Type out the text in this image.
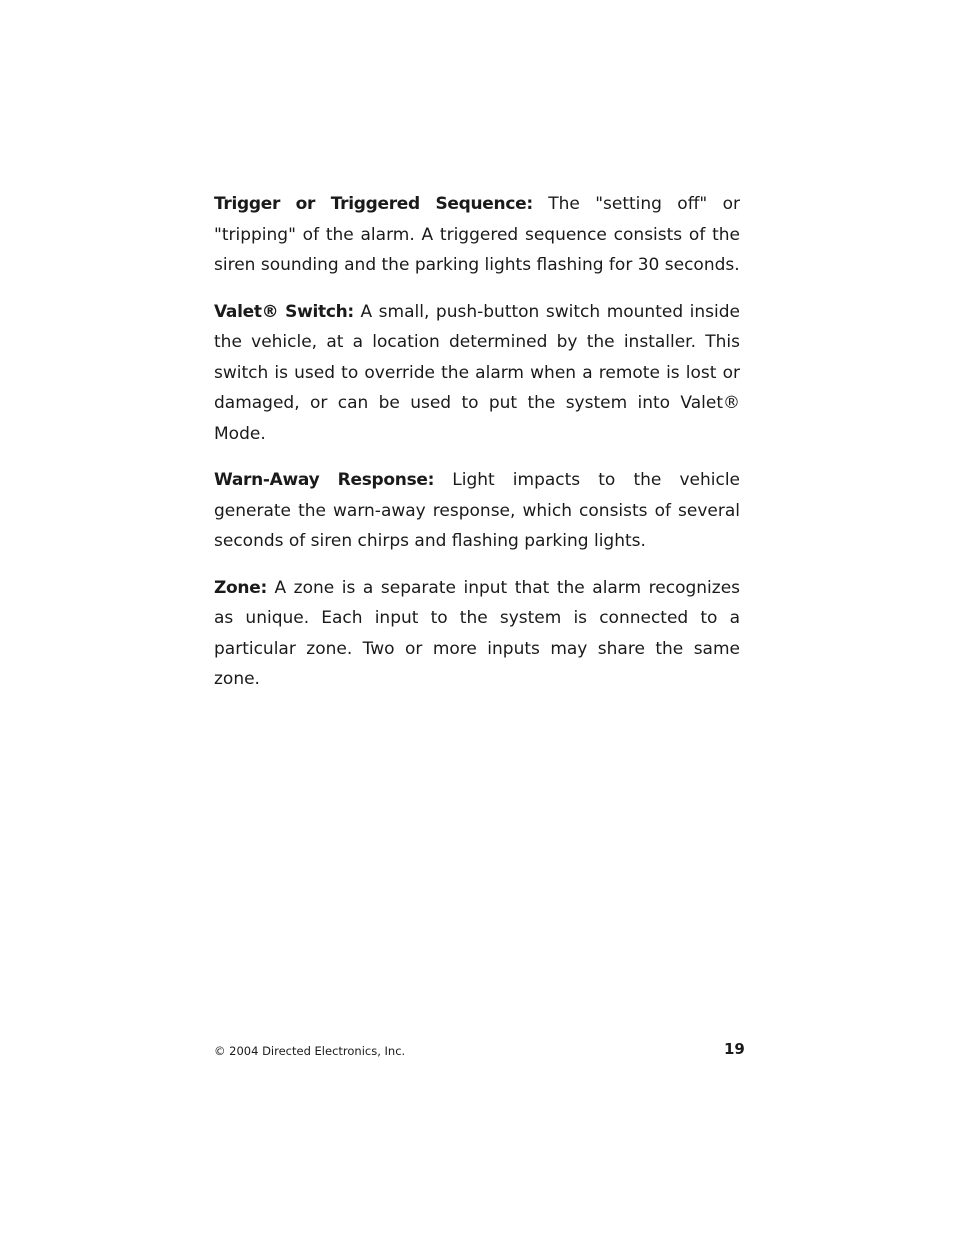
Trigger or Triggered Sequence: The "setting off" or "tripping" of the alarm. A triggered sequence consists of the siren sounding and the parking lights flashing for 30 seconds.

Valet® Switch: A small, push-button switch mounted inside the vehicle, at a location determined by the installer. This switch is used to override the alarm when a remote is lost or damaged, or can be used to put the system into Valet® Mode.

Warn-Away Response: Light impacts to the vehicle generate the warn-away response, which consists of several seconds of siren chirps and flashing parking lights.

Zone: A zone is a separate input that the alarm recognizes as unique. Each input to the system is connected to a particular zone. Two or more inputs may share the same zone.

© 2004 Directed Electronics, Inc.	19
